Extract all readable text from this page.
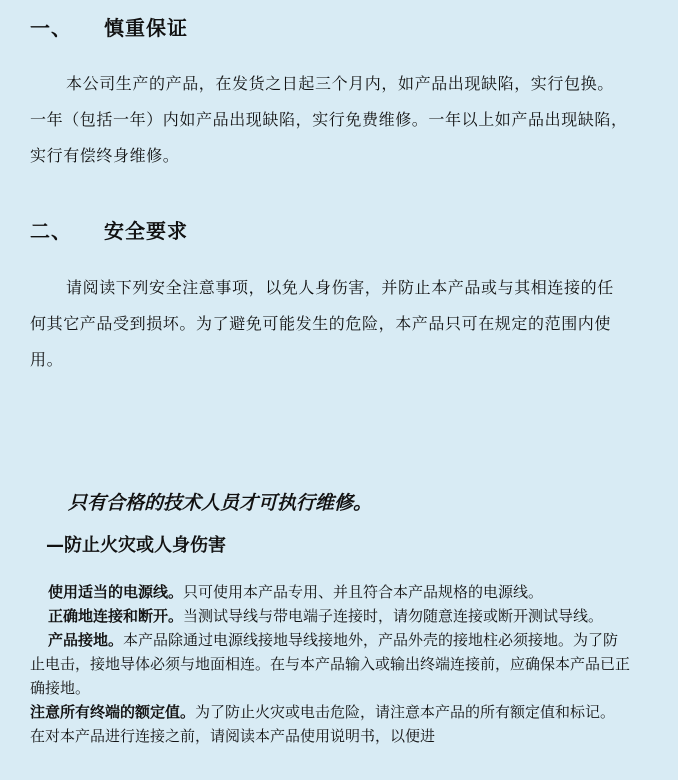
一、 慎重保证
本公司生产的产品，在发货之日起三个月内，如产品出现缺陷，实行包换。一年（包括一年）内如产品出现缺陷，实行免费维修。一年以上如产品出现缺陷，实行有偿终身维修。
二、 安全要求
请阅读下列安全注意事项，以免人身伤害，并防止本产品或与其相连接的任何其它产品受到损坏。为了避免可能发生的危险，本产品只可在规定的范围内使用。
只有合格的技术人员才可执行维修。
—防止火灾或人身伤害

使用适当的电源线。只可使用本产品专用、并且符合本产品规格的电源线。

正确地连接和断开。当测试导线与带电端子连接时，请勿随意连接或断开测试导线。

产品接地。本产品除通过电源线接地导线接地外，产品外壳的接地柱必须接地。为了防止电击，接地导体必须与地面相连。在与本产品输入或输出终端连接前，应确保本产品已正确接地。

注意所有终端的额定值。为了防止火灾或电击危险，请注意本产品的所有额定值和标记。在对本产品进行连接之前，请阅读本产品使用说明书，以便进
